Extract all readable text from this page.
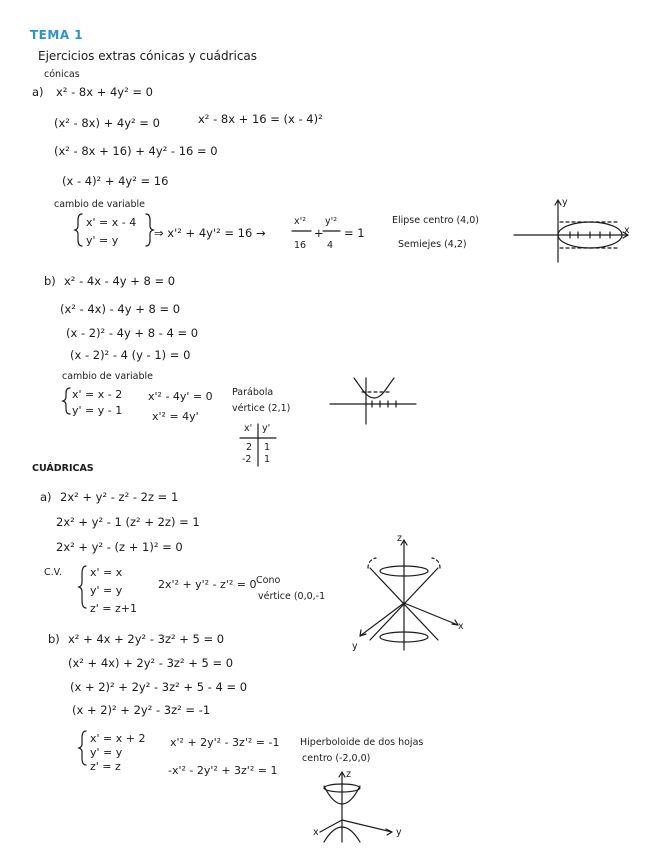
TEMA 1
Ejercicios extras cónicas y cuádricas
cónicas
a) x² - 8x + 4y² = 0
(x² - 8x) + 4y² = 0	x² - 8x + 16 = (x - 4)²
(x² - 8x + 16) + 4y² - 16 = 0
(x - 4)² + 4y² = 16
cambio de variable
x' = x - 4
y' = y
⇒ x'² + 4y'² = 16 →
x'²
16
+
y'²
4
= 1
Elipse centro (4,0)
Semiejes (4,2)
y
x
b) x² - 4x - 4y + 8 = 0
(x² - 4x) - 4y + 8 = 0
(x - 2)² - 4y + 8 - 4 = 0
(x - 2)² - 4 (y - 1) = 0
cambio de variable
x' = x - 2
y' = y - 1
x'² - 4y' = 0
x'² = 4y'
Parábola
vértice (2,1)
x' y'
2 1
-2 1
CUÁDRICAS
a) 2x² + y² - z² - 2z = 1
2x² + y² - 1 (z² + 2z) = 1
2x² + y² - (z + 1)² = 0
C.V.	x' = x
y' = y
z' = z+1
2x'² + y'² - z'² = 0 Cono
vértice (0,0,-1
z
x
y
b) x² + 4x + 2y² - 3z² + 5 = 0
(x² + 4x) + 2y² - 3z² + 5 = 0
(x + 2)² + 2y² - 3z² + 5 - 4 = 0
(x + 2)² + 2y² - 3z² = -1
x' = x + 2
y' = y
z' = z
x'² + 2y'² - 3z'² = -1
-x'² - 2y'² + 3z'² = 1
Hiperboloide de dos hojas
centro (-2,0,0)
z
y
x
